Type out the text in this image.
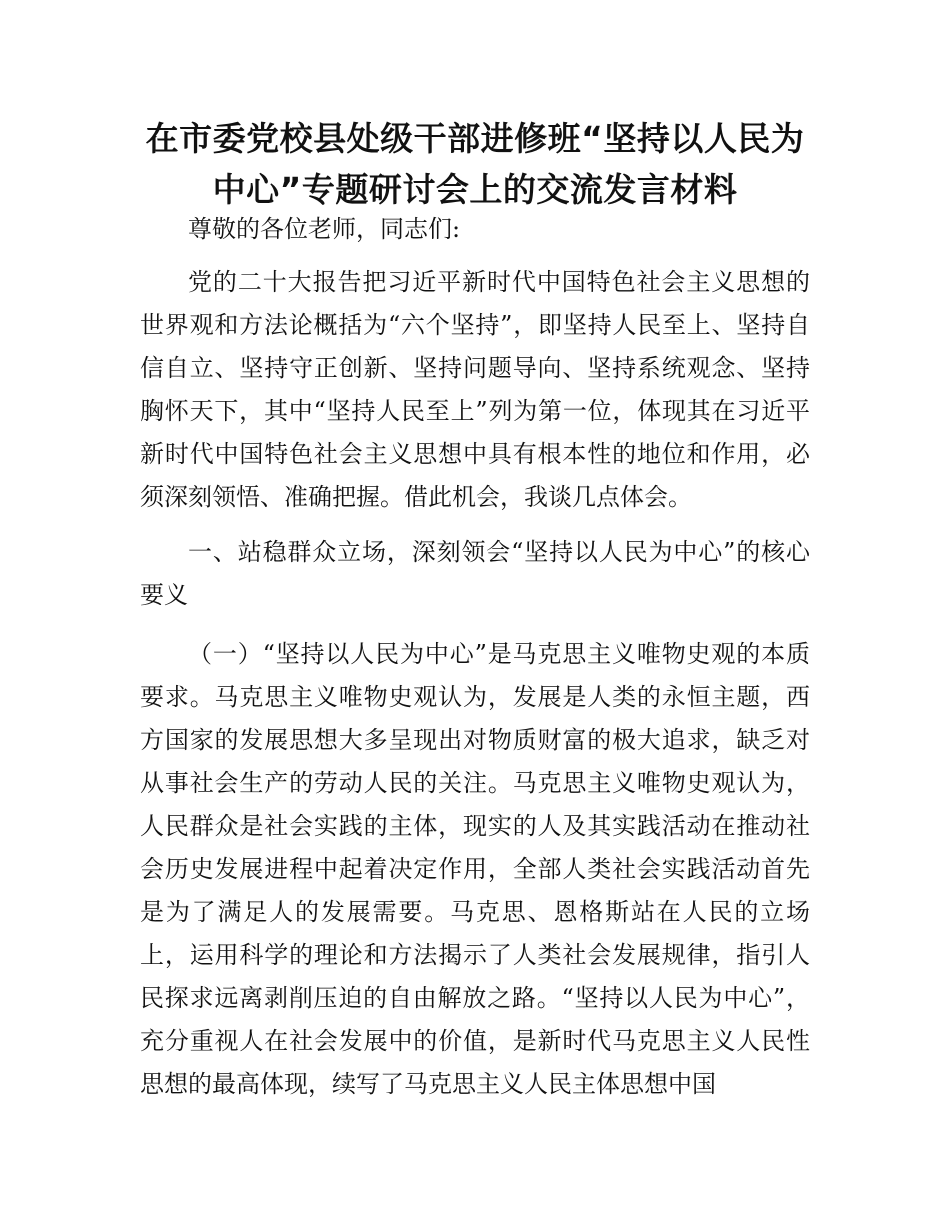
在市委党校县处级干部进修班“坚持以人民为
中心”专题研讨会上的交流发言材料

尊敬的各位老师，同志们:

党的二十大报告把习近平新时代中国特色社会主义思想的世界观和方法论概括为“六个坚持”，即坚持人民至上、坚持自信自立、坚持守正创新、坚持问题导向、坚持系统观念、坚持胸怀天下，其中“坚持人民至上”列为第一位，体现其在习近平新时代中国特色社会主义思想中具有根本性的地位和作用，必须深刻领悟、准确把握。借此机会，我谈几点体会。

一、站稳群众立场，深刻领会“坚持以人民为中心”的核心要义

（一）“坚持以人民为中心”是马克思主义唯物史观的本质要求。马克思主义唯物史观认为，发展是人类的永恒主题，西方国家的发展思想大多呈现出对物质财富的极大追求，缺乏对从事社会生产的劳动人民的关注。马克思主义唯物史观认为，人民群众是社会实践的主体，现实的人及其实践活动在推动社会历史发展进程中起着决定作用，全部人类社会实践活动首先是为了满足人的发展需要。马克思、恩格斯站在人民的立场上，运用科学的理论和方法揭示了人类社会发展规律，指引人民探求远离剥削压迫的自由解放之路。“坚持以人民为中心”，充分重视人在社会发展中的价值，是新时代马克思主义人民性思想的最高体现，续写了马克思主义人民主体思想中国
